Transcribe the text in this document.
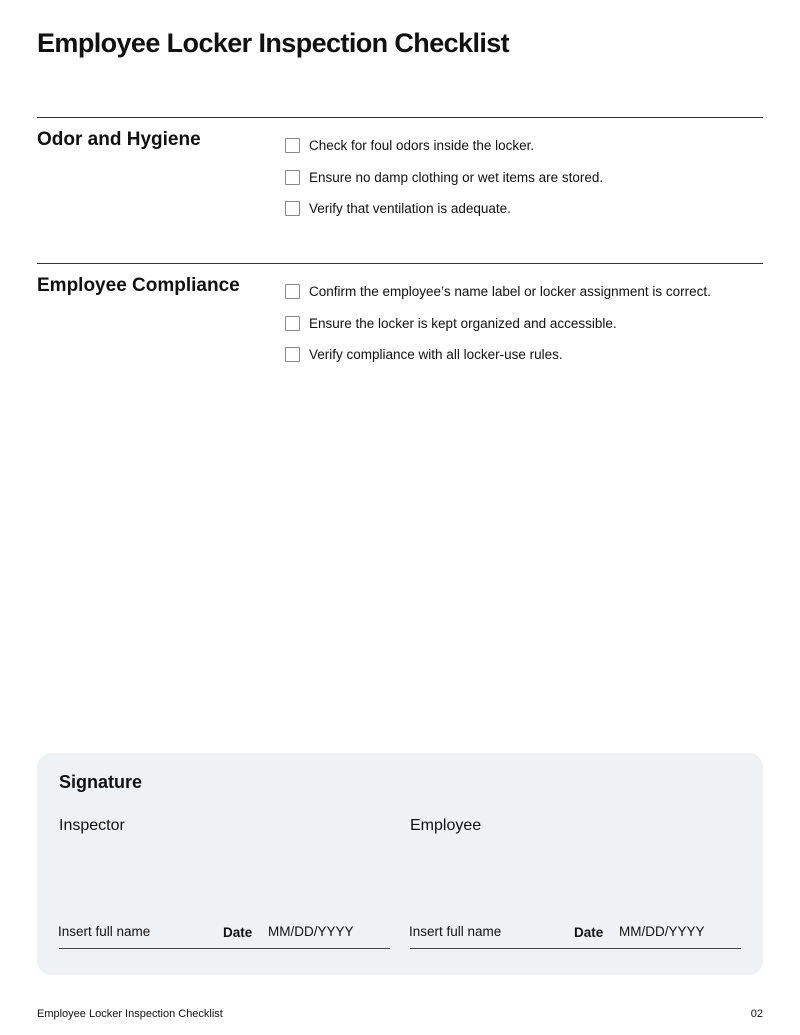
Employee Locker Inspection Checklist
Odor and Hygiene	Check for foul odors inside the locker.
Ensure no damp clothing or wet items are stored.
Verify that ventilation is adequate.
Employee Compliance	Confirm the employee’s name label or locker assignment is correct.
Ensure the locker is kept organized and accessible.
Verify compliance with all locker-use rules.
Signature
Inspector
Insert full name	Date MM/DD/YYYY
Employee
Insert full name	Date MM/DD/YYYY
Employee Locker Inspection Checklist	02
